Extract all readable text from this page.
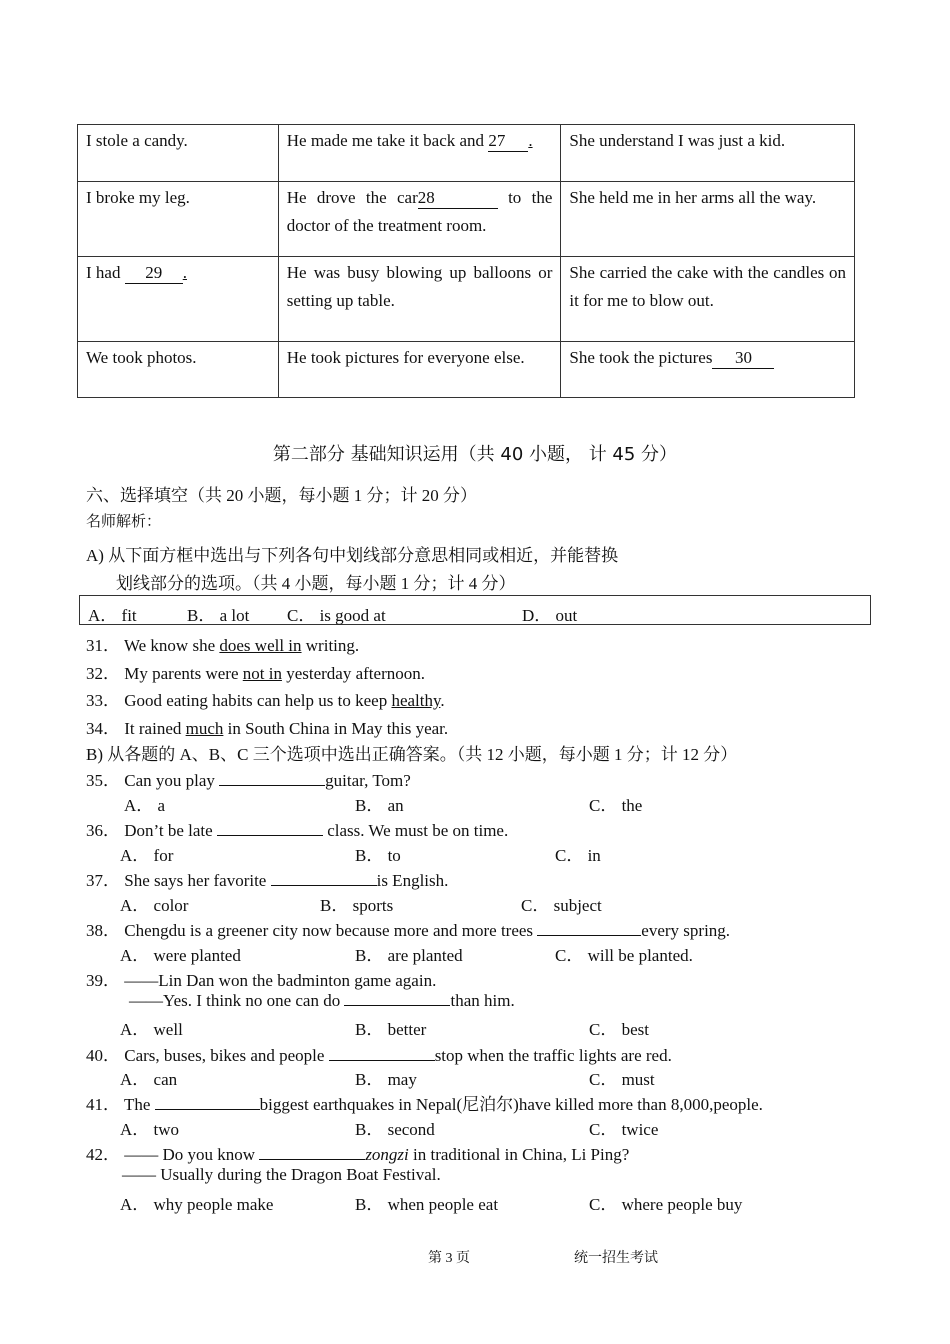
I stole a candy.	He made me take it back and 27 .	She understand I was just a kid.
I broke my leg.	He drove the car28 to the doctor of the treatment room.	She held me in her arms all the way.
I had 29 .	He was busy blowing up balloons or setting up table.	She carried the cake with the candles on it for me to blow out.
We took photos.	He took pictures for everyone else.	She took the pictures 30
第二部分 基础知识运用（共 40 小题， 计 45 分）
六、选择填空（共 20 小题，每小题 1 分；计 20 分）
名师解析：
A) 从下面方框中选出与下列各句中划线部分意思相同或相近，并能替换
划线部分的选项。（共 4 小题，每小题 1 分；计 4 分）
A． fit	B． a lot C． is good at	D． out
31． We know she does well in writing.
32． My parents were not in yesterday afternoon.
33． Good eating habits can help us to keep healthy.
34． It rained much in South China in May this year.
B) 从各题的 A、B、C 三个选项中选出正确答案。（共 12 小题，每小题 1 分；计 12 分）
35． Can you play	guitar, Tom?
A． a	B． an	C． the
36． Don’t be late	class. We must be on time.
A． for	B． to	C． in
37． She says her favorite	is English.
A． color	B． sports	C． subject
38． Chengdu is a greener city now because more and more trees	every spring.
A． were planted	B． are planted	C． will be planted.
39． ——Lin Dan won the badminton game again.
——Yes. I think no one can do	than him.
A． well	B． better	C． best
40． Cars, buses, bikes and people	stop when the traffic lights are red.
A． can	B． may	C． must
41． The	biggest earthquakes in Nepal(尼泊尔)have killed more than 8,000,people.
A． two	B． second	C． twice
42． —— Do you know	zongzi in traditional in China, Li Ping?
—— Usually during the Dragon Boat Festival.
A． why people make	B． when people eat	C． where people buy
第 3 页	统一招生考试
